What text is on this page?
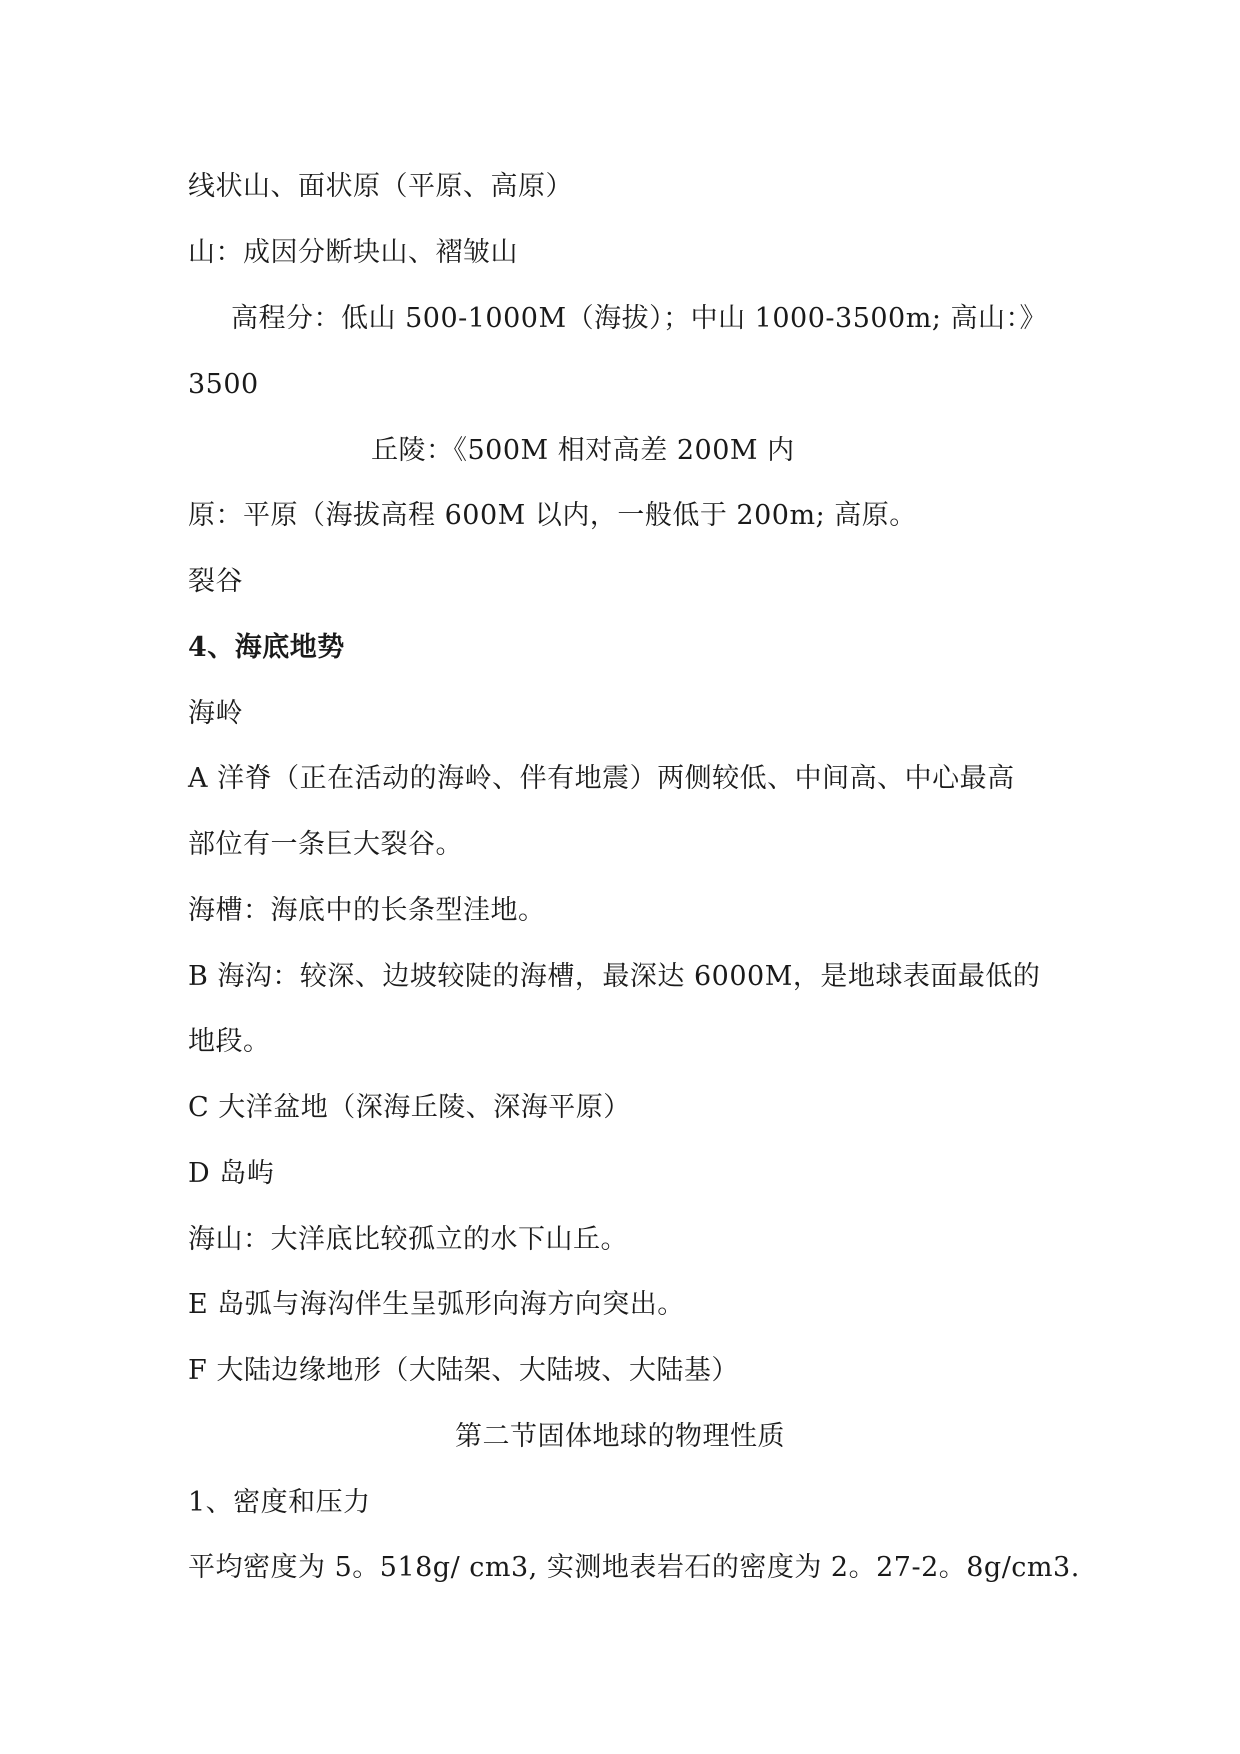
线状山、面状原（平原、高原）
山：成因分断块山、褶皱山
高程分：低山 500-1000M（海拔）；中山 1000-3500m; 高山：》
3500
丘陵：《500M 相对高差 200M 内
原：平原（海拔高程 600M 以内，一般低于 200m; 高原。
裂谷
4、海底地势
海岭
A 洋脊（正在活动的海岭、伴有地震）两侧较低、中间高、中心最高
部位有一条巨大裂谷。
海槽：海底中的长条型洼地。
B 海沟：较深、边坡较陡的海槽，最深达 6000M，是地球表面最低的
地段。
C 大洋盆地（深海丘陵、深海平原）
D 岛屿
海山：大洋底比较孤立的水下山丘。
E 岛弧与海沟伴生呈弧形向海方向突出。
F 大陆边缘地形（大陆架、大陆坡、大陆基）
第二节固体地球的物理性质
1、密度和压力
平均密度为 5。518g/ cm3, 实测地表岩石的密度为 2。27-2。8g/cm3.
